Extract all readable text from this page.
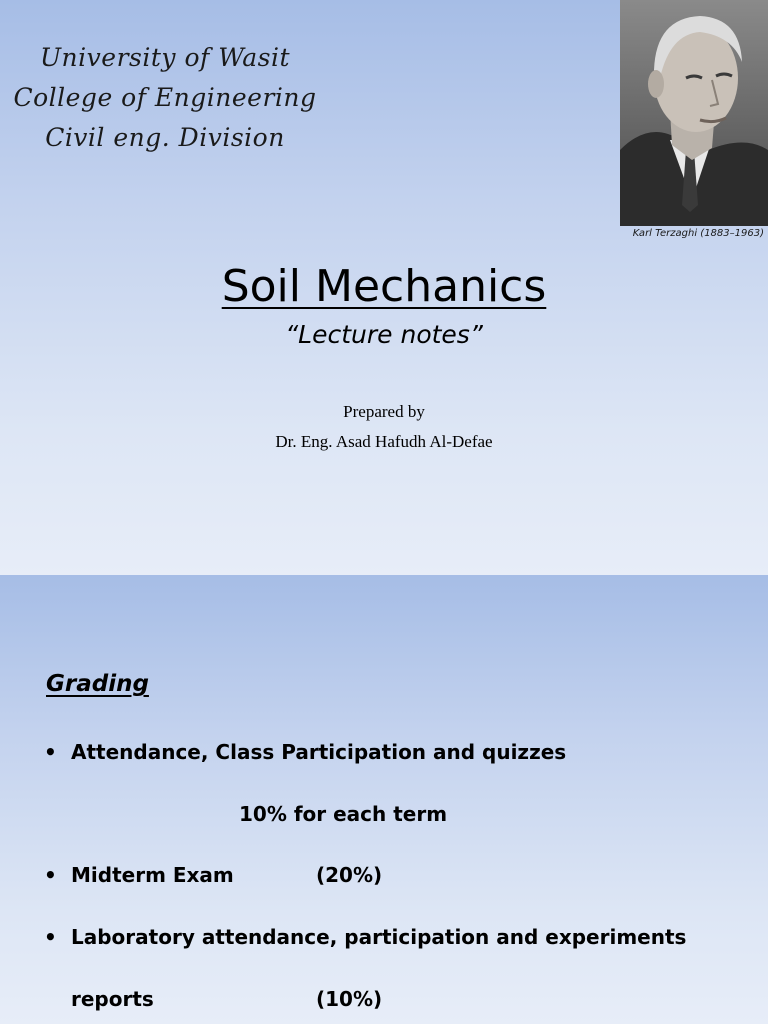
University of Wasit
College of Engineering
Civil eng. Division
Karl Terzaghi (1883–1963)
Soil Mechanics
“Lecture notes”
Prepared by
Dr. Eng. Asad Hafudh Al-Defae
Grading
• Attendance, Class Participation and quizzes
10% for each term
• Midterm Exam	(20%)
• Laboratory attendance, participation and experiments
reports	(10%)
